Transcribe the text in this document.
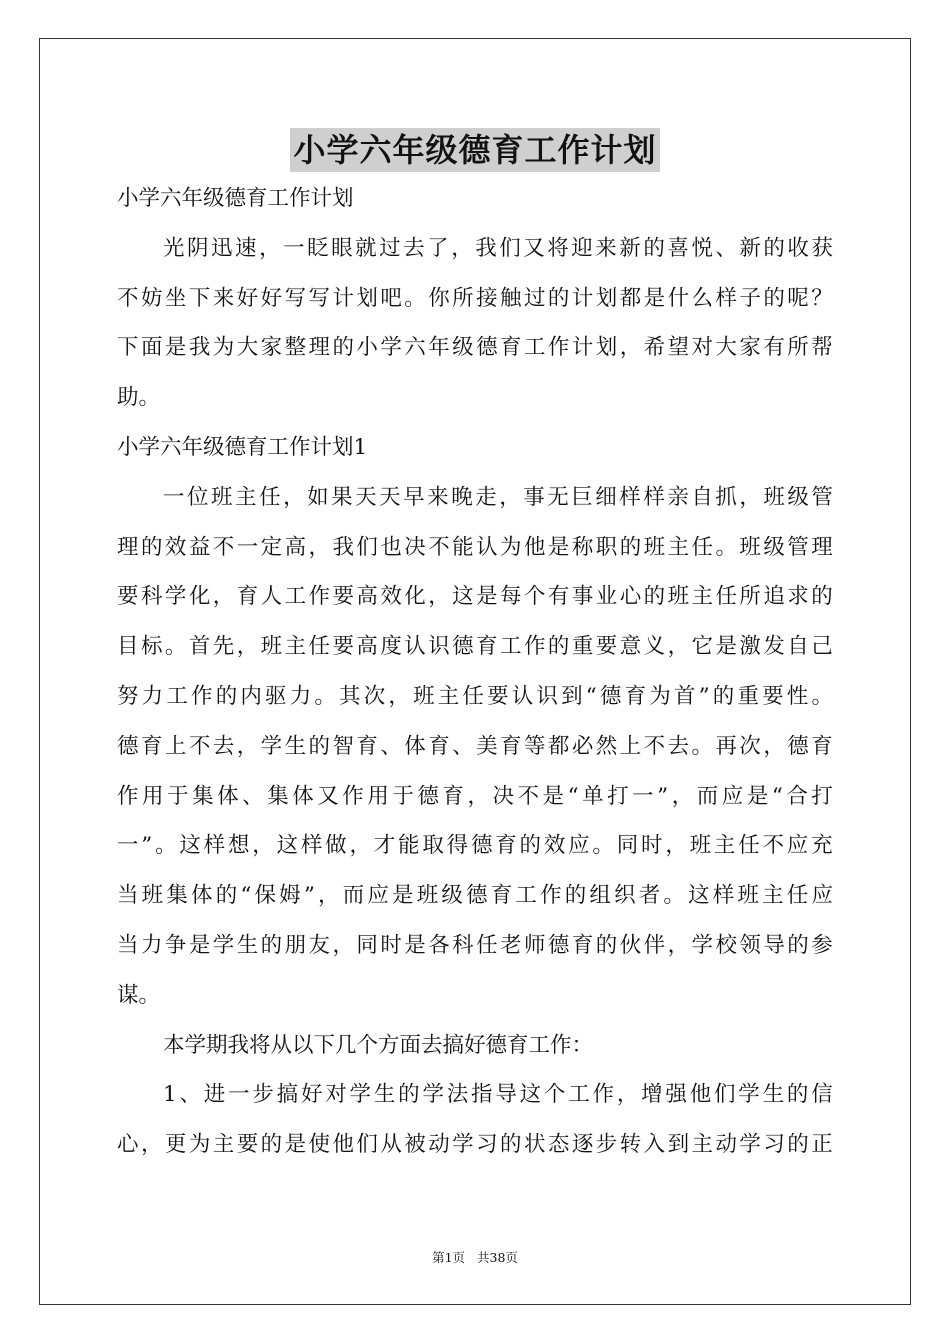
小学六年级德育工作计划
小学六年级德育工作计划
光 阴 迅 速 ， 一 眨 眼 就 过 去 了 ， 我 们 又 将 迎 来 新 的 喜 悦 、 新 的 收 获
不 妨 坐 下 来 好 好 写 写 计 划 吧 。 你 所 接 触 过 的 计 划 都 是 什 么 样 子 的 呢 ？
下 面 是 我 为 大 家 整 理 的 小 学 六 年 级 德 育 工 作 计 划 ， 希 望 对 大 家 有 所 帮
助。
小学六年级德育工作计划1
一 位 班 主 任 ， 如 果 天 天 早 来 晚 走 ， 事 无 巨 细 样 样 亲 自 抓 ， 班 级 管
理 的 效 益 不 一 定 高 ， 我 们 也 决 不 能 认 为 他 是 称 职 的 班 主 任 。 班 级 管 理
要 科 学 化 ， 育 人 工 作 要 高 效 化 ， 这 是 每 个 有 事 业 心 的 班 主 任 所 追 求 的
目 标 。 首 先 ， 班 主 任 要 高 度 认 识 德 育 工 作 的 重 要 意 义 ， 它 是 激 发 自 己
努 力 工 作 的 内 驱 力 。 其 次 ， 班 主 任 要 认 识 到 “ 德 育 为 首 ” 的 重 要 性 。
德 育 上 不 去 ， 学 生 的 智 育 、 体 育 、 美 育 等 都 必 然 上 不 去 。 再 次 ， 德 育
作 用 于 集 体 、 集 体 又 作 用 于 德 育 ， 决 不 是 “ 单 打 一 ” ， 而 应 是 “ 合 打
一 ” 。 这 样 想 ， 这 样 做 ， 才 能 取 得 德 育 的 效 应 。 同 时 ， 班 主 任 不 应 充
当 班 集 体 的 “ 保 姆 ” ， 而 应 是 班 级 德 育 工 作 的 组 织 者 。 这 样 班 主 任 应
当 力 争 是 学 生 的 朋 友 ， 同 时 是 各 科 任 老 师 德 育 的 伙 伴 ， 学 校 领 导 的 参
谋。
本学期我将从以下几个方面去搞好德育工作：
1 、 进 一 步 搞 好 对 学 生 的 学 法 指 导 这 个 工 作 ， 增 强 他 们 学 生 的 信
心 ， 更 为 主 要 的 是 使 他 们 从 被 动 学 习 的 状 态 逐 步 转 入 到 主 动 学 习 的 正
第1页 共38页
